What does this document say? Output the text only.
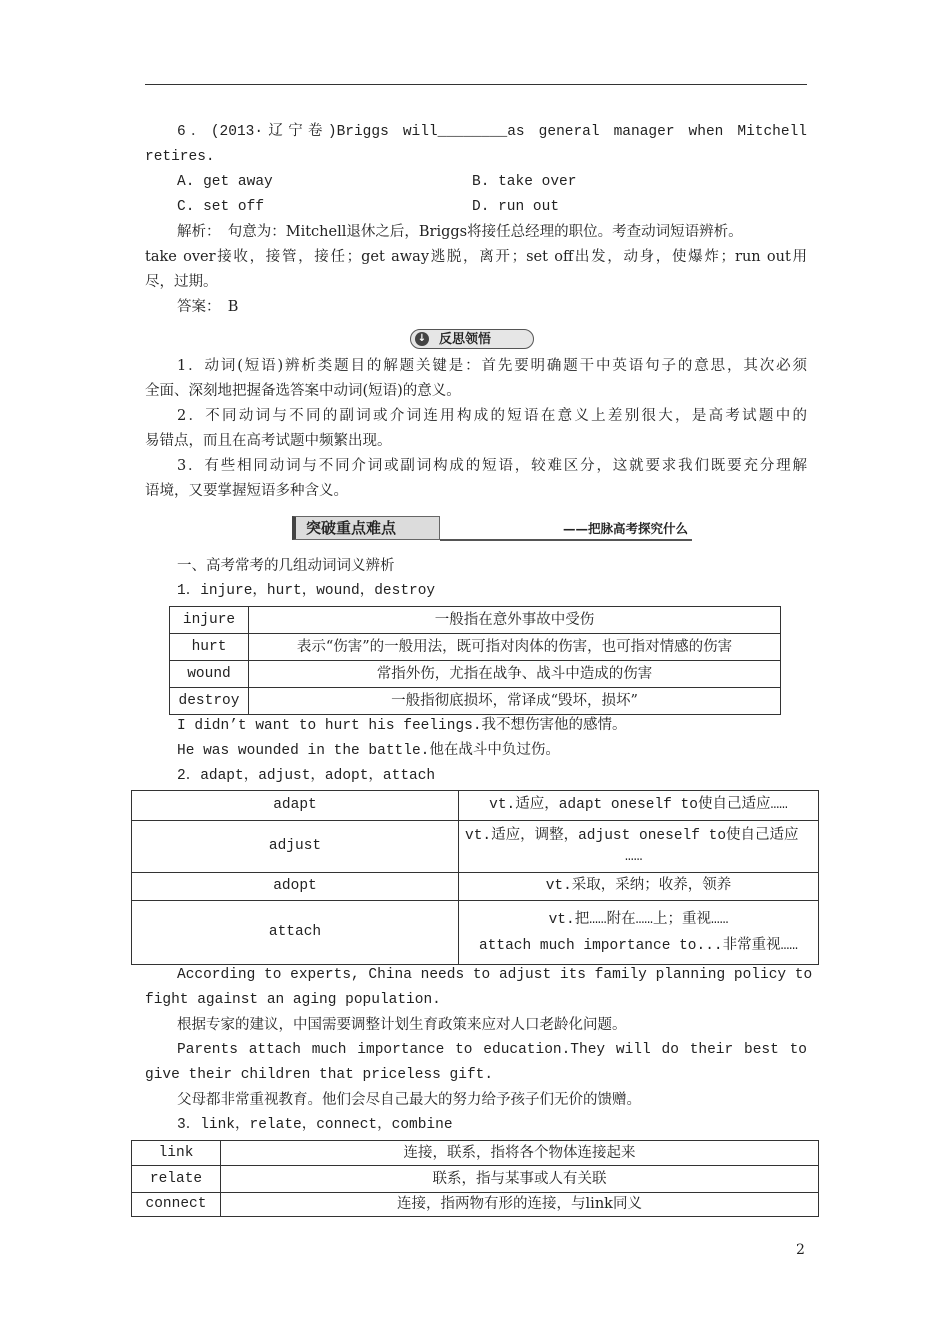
6．(2013·辽宁卷)Briggs will________as general manager when Mitchell
retires.
A. get away	B. take over
C. set off	D. run out
解析：　句意为：Mitchell退休之后，Briggs将接任总经理的职位。考查动词短语辨析。
take over接收，接管，接任；get away逃脱，离开；set off出发，动身，使爆炸；run out用
尽，过期。
答案：　B
↓ 反思领悟
1．动词(短语)辨析类题目的解题关键是：首先要明确题干中英语句子的意思，其次必须
全面、深刻地把握备选答案中动词(短语)的意义。
2．不同动词与不同的副词或介词连用构成的短语在意义上差别很大，是高考试题中的
易错点，而且在高考试题中频繁出现。
3．有些相同动词与不同介词或副词构成的短语，较难区分，这就要求我们既要充分理解
语境，又要掌握短语多种含义。
突破重点难点	——把脉高考探究什么
一、高考常考的几组动词词义辨析
1．injure，hurt，wound，destroy
injure	一般指在意外事故中受伤
hurt	表示“伤害”的一般用法，既可指对肉体的伤害，也可指对情感的伤害
wound	常指外伤，尤指在战争、战斗中造成的伤害
destroy	一般指彻底损坏，常译成“毁坏，损坏”
I didn’t want to hurt his feelings.我不想伤害他的感情。
He was wounded in the battle.他在战斗中负过伤。
2．adapt，adjust，adopt，attach
adapt	vt.适应，adapt oneself to使自己适应……

adjust	vt.适应，调整，adjust oneself to使自己适应
……

adopt	vt.采取，采纳；收养，领养

attach	vt.把……附在……上；重视……
attach much importance to...非常重视……
According to experts, China needs to adjust its family planning policy to
fight against an aging population.
根据专家的建议，中国需要调整计划生育政策来应对人口老龄化问题。
Parents attach much importance to education.They will do their best to
give their children that priceless gift.
父母都非常重视教育。他们会尽自己最大的努力给予孩子们无价的馈赠。
3．link，relate，connect，combine
link	连接，联系，指将各个物体连接起来
relate	联系，指与某事或人有关联
connect	连接，指两物有形的连接，与link同义
2
